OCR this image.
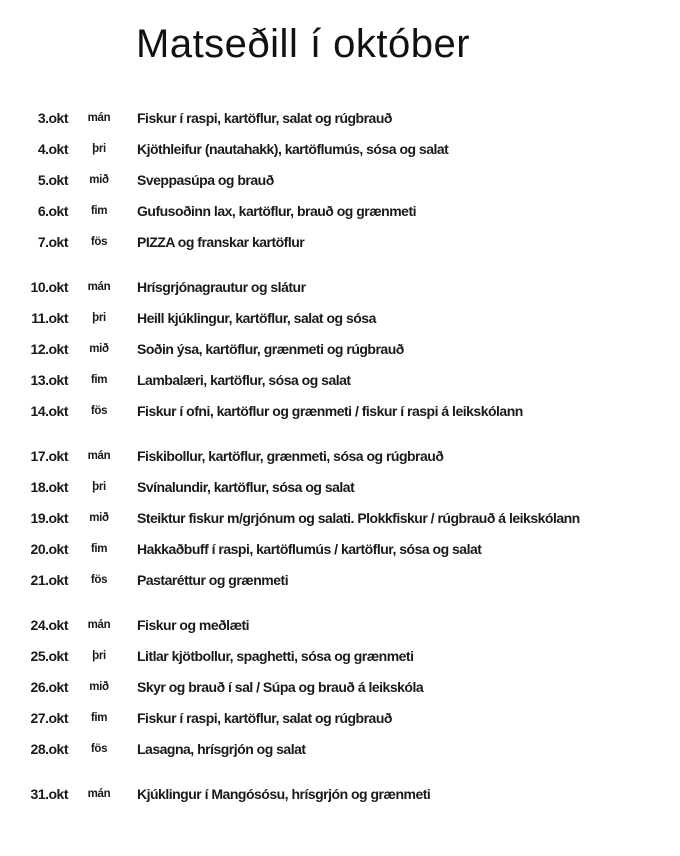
Matseðill í október
3.okt	mán	Fiskur í raspi, kartöflur, salat og rúgbrauð
4.okt	þri	Kjöthleifur (nautahakk), kartöflumús, sósa og salat
5.okt	mið	Sveppasúpa og brauð
6.okt	fim	Gufusoðinn lax, kartöflur, brauð og grænmeti
7.okt	fös	PIZZA og franskar kartöflur
10.okt	mán	Hrísgrjónagrautur og slátur
11.okt	þri	Heill kjúklingur, kartöflur, salat og sósa
12.okt	mið	Soðin ýsa, kartöflur, grænmeti og rúgbrauð
13.okt	fim	Lambalæri, kartöflur, sósa og salat
14.okt	fös	Fiskur í ofni, kartöflur og grænmeti / fiskur í raspi á leikskólann
17.okt	mán	Fiskibollur, kartöflur, grænmeti, sósa og rúgbrauð
18.okt	þri	Svínalundir, kartöflur, sósa og salat
19.okt	mið	Steiktur fiskur m/grjónum og salati. Plokkfiskur / rúgbrauð á leikskólann
20.okt	fim	Hakkaðbuff í raspi, kartöflumús / kartöflur, sósa og salat
21.okt	fös	Pastaréttur og grænmeti
24.okt	mán	Fiskur og meðlæti
25.okt	þri	Litlar kjötbollur, spaghetti, sósa og grænmeti
26.okt	mið	Skyr og brauð í sal / Súpa og brauð á leikskóla
27.okt	fim	Fiskur í raspi, kartöflur, salat og rúgbrauð
28.okt	fös	Lasagna, hrísgrjón og salat
31.okt	mán	Kjúklingur í Mangósósu, hrísgrjón og grænmeti
